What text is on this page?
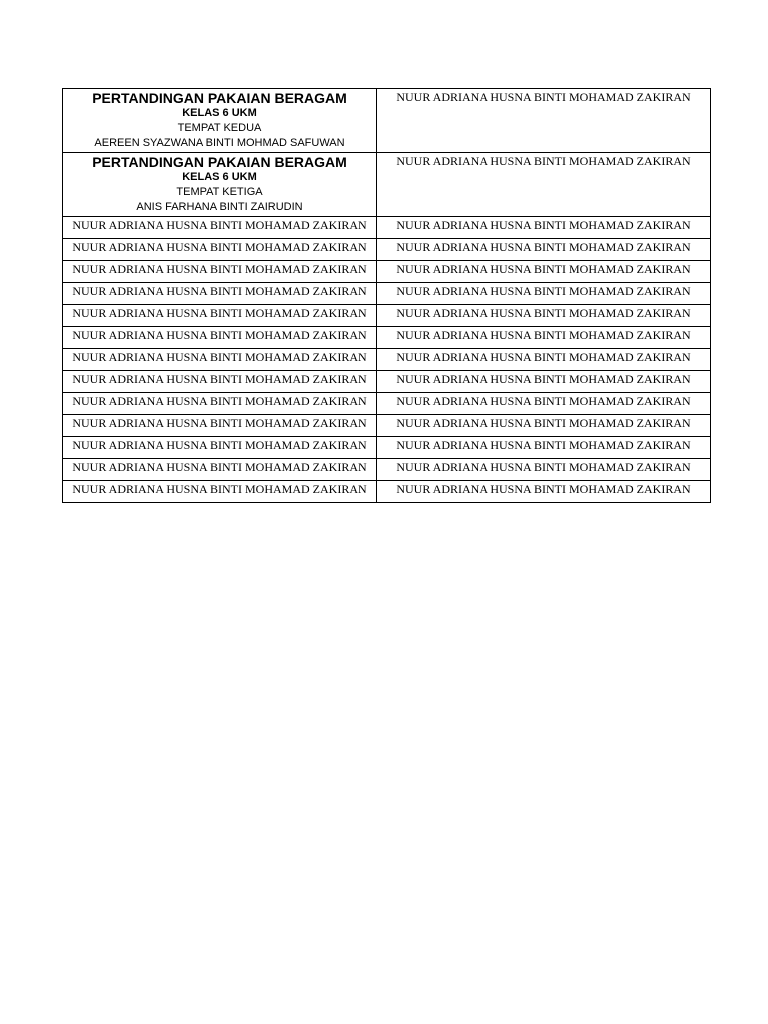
PERTANDINGAN PAKAIAN BERAGAM
KELAS 6 UKM
TEMPAT KEDUA
AEREEN SYAZWANA BINTI MOHMAD SAFUWAN	NUUR ADRIANA HUSNA BINTI MOHAMAD ZAKIRAN

PERTANDINGAN PAKAIAN BERAGAM
KELAS 6 UKM
TEMPAT KETIGA
ANIS FARHANA BINTI ZAIRUDIN	NUUR ADRIANA HUSNA BINTI MOHAMAD ZAKIRAN
NUUR ADRIANA HUSNA BINTI MOHAMAD ZAKIRAN	NUUR ADRIANA HUSNA BINTI MOHAMAD ZAKIRAN
NUUR ADRIANA HUSNA BINTI MOHAMAD ZAKIRAN	NUUR ADRIANA HUSNA BINTI MOHAMAD ZAKIRAN
NUUR ADRIANA HUSNA BINTI MOHAMAD ZAKIRAN	NUUR ADRIANA HUSNA BINTI MOHAMAD ZAKIRAN
NUUR ADRIANA HUSNA BINTI MOHAMAD ZAKIRAN	NUUR ADRIANA HUSNA BINTI MOHAMAD ZAKIRAN
NUUR ADRIANA HUSNA BINTI MOHAMAD ZAKIRAN	NUUR ADRIANA HUSNA BINTI MOHAMAD ZAKIRAN
NUUR ADRIANA HUSNA BINTI MOHAMAD ZAKIRAN	NUUR ADRIANA HUSNA BINTI MOHAMAD ZAKIRAN
NUUR ADRIANA HUSNA BINTI MOHAMAD ZAKIRAN	NUUR ADRIANA HUSNA BINTI MOHAMAD ZAKIRAN
NUUR ADRIANA HUSNA BINTI MOHAMAD ZAKIRAN	NUUR ADRIANA HUSNA BINTI MOHAMAD ZAKIRAN
NUUR ADRIANA HUSNA BINTI MOHAMAD ZAKIRAN	NUUR ADRIANA HUSNA BINTI MOHAMAD ZAKIRAN
NUUR ADRIANA HUSNA BINTI MOHAMAD ZAKIRAN	NUUR ADRIANA HUSNA BINTI MOHAMAD ZAKIRAN
NUUR ADRIANA HUSNA BINTI MOHAMAD ZAKIRAN	NUUR ADRIANA HUSNA BINTI MOHAMAD ZAKIRAN
NUUR ADRIANA HUSNA BINTI MOHAMAD ZAKIRAN	NUUR ADRIANA HUSNA BINTI MOHAMAD ZAKIRAN
NUUR ADRIANA HUSNA BINTI MOHAMAD ZAKIRAN	NUUR ADRIANA HUSNA BINTI MOHAMAD ZAKIRAN
